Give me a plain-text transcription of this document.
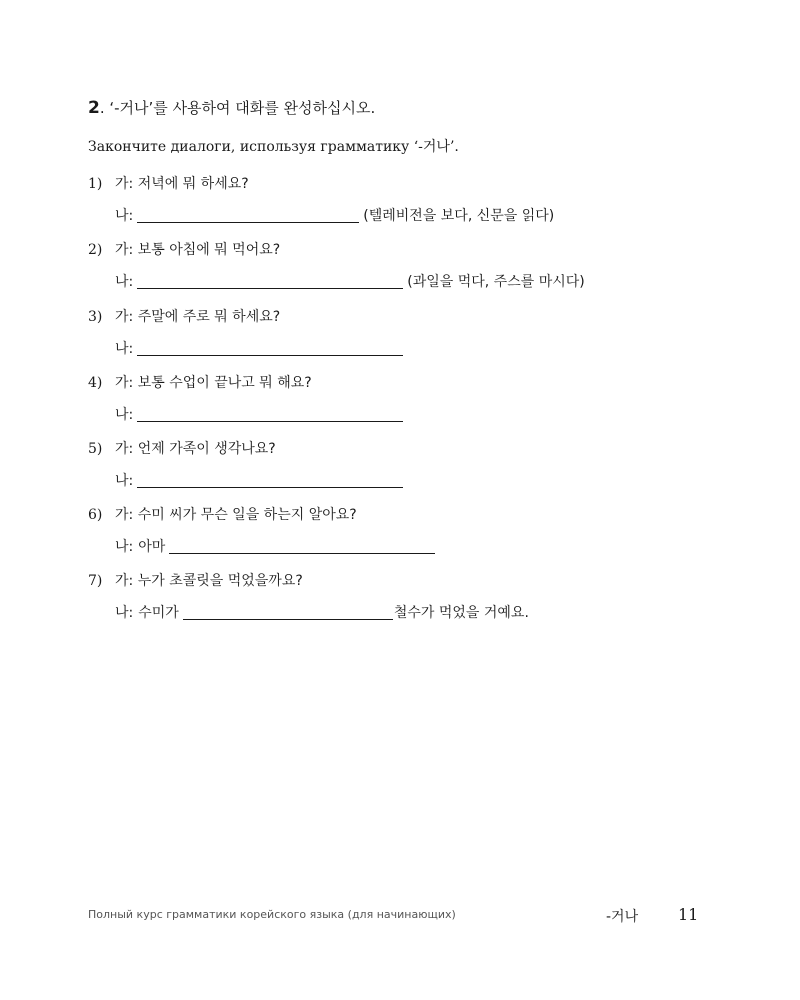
2. ‘-거나’를 사용하여 대화를 완성하십시오.
Закончите диалоги, используя грамматику ‘-거나’.
1) 가: 저녁에 뭐 하세요?
나:	(텔레비전을 보다, 신문을 읽다)
2) 가: 보통 아침에 뭐 먹어요?
나:	(과일을 먹다, 주스를 마시다)
3) 가: 주말에 주로 뭐 하세요?
나:
4) 가: 보통 수업이 끝나고 뭐 해요?
나:
5) 가: 언제 가족이 생각나요?
나:
6) 가: 수미 씨가 무슨 일을 하는지 알아요?
나: 아마
7) 가: 누가 초콜릿을 먹었을까요?
나: 수미가	철수가 먹었을 거예요.
Полный курс грамматики корейского языка (для начинающих)	-거나 11
